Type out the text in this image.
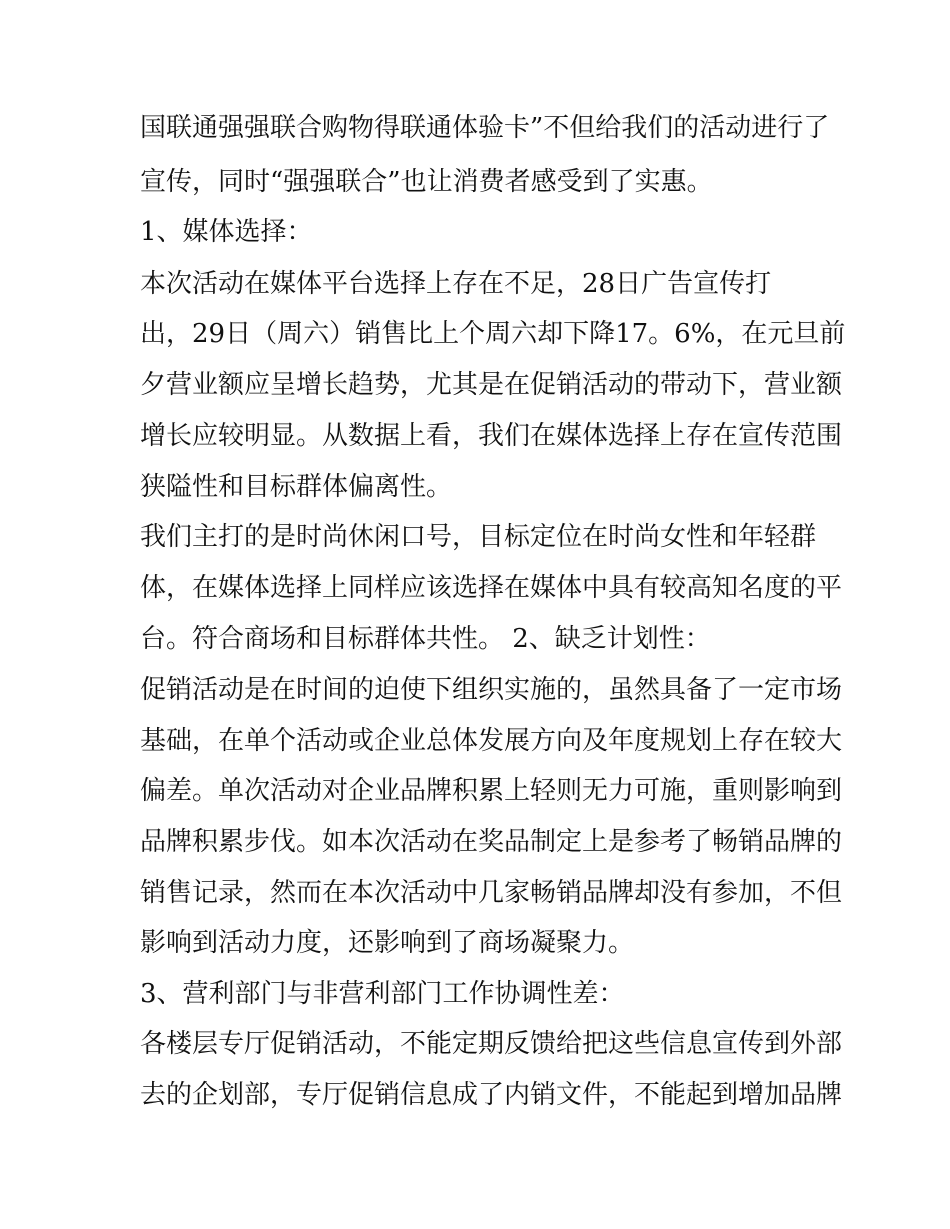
国联通强强联合购物得联通体验卡”不但给我们的活动进行了
宣传，同时“强强联合”也让消费者感受到了实惠。
1、媒体选择：
本次活动在媒体平台选择上存在不足，28日广告宣传打
出，29日（周六）销售比上个周六却下降17。6%，在元旦前
夕营业额应呈增长趋势，尤其是在促销活动的带动下，营业额
增长应较明显。从数据上看，我们在媒体选择上存在宣传范围
狭隘性和目标群体偏离性。
我们主打的是时尚休闲口号，目标定位在时尚女性和年轻群
体，在媒体选择上同样应该选择在媒体中具有较高知名度的平
台。符合商场和目标群体共性。 2、缺乏计划性：
促销活动是在时间的迫使下组织实施的，虽然具备了一定市场
基础，在单个活动或企业总体发展方向及年度规划上存在较大
偏差。单次活动对企业品牌积累上轻则无力可施，重则影响到
品牌积累步伐。如本次活动在奖品制定上是参考了畅销品牌的
销售记录，然而在本次活动中几家畅销品牌却没有参加，不但
影响到活动力度，还影响到了商场凝聚力。
3、营利部门与非营利部门工作协调性差：
各楼层专厅促销活动，不能定期反馈给把这些信息宣传到外部
去的企划部，专厅促销信息成了内销文件，不能起到增加品牌
